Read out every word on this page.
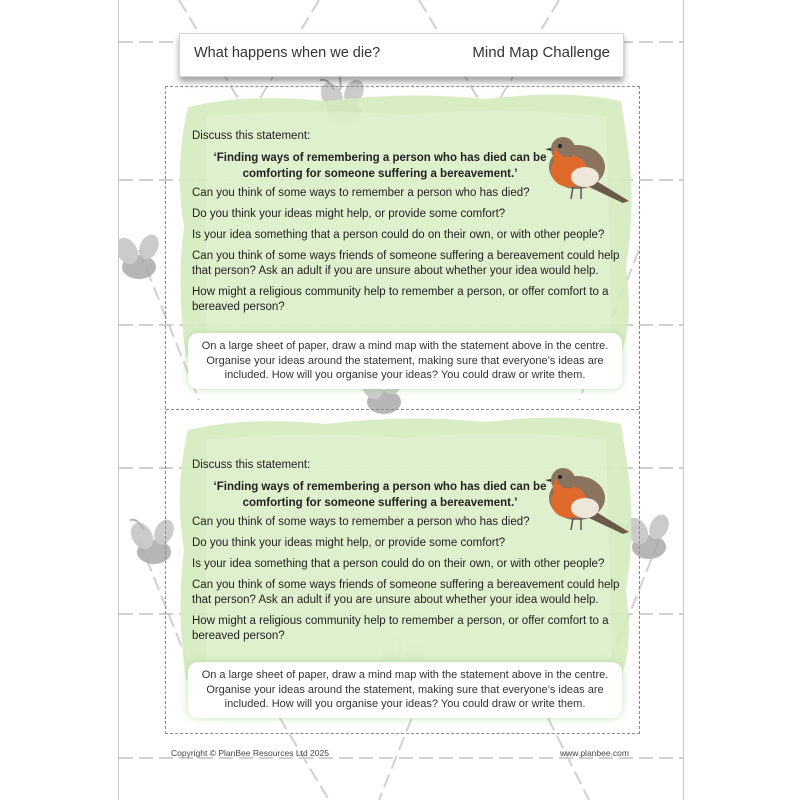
What happens when we die?	Mind Map Challenge

Discuss this statement:

‘Finding ways of remembering a person who has died can be comforting for someone suffering a bereavement.’

Can you think of some ways to remember a person who has died?

Do you think your ideas might help, or provide some comfort?

Is your idea something that a person could do on their own, or with other people?

Can you think of some ways friends of someone suffering a bereavement could help that person? Ask an adult if you are unsure about whether your idea would help.

How might a religious community help to remember a person, or offer comfort to a bereaved person?

On a large sheet of paper, draw a mind map with the statement above in the centre. Organise your ideas around the statement, making sure that everyone’s ideas are included. How will you organise your ideas? You could draw or write them.

Discuss this statement:

‘Finding ways of remembering a person who has died can be comforting for someone suffering a bereavement.’

Can you think of some ways to remember a person who has died?

Do you think your ideas might help, or provide some comfort?

Is your idea something that a person could do on their own, or with other people?

Can you think of some ways friends of someone suffering a bereavement could help that person? Ask an adult if you are unsure about whether your idea would help.

How might a religious community help to remember a person, or offer comfort to a bereaved person?

On a large sheet of paper, draw a mind map with the statement above in the centre. Organise your ideas around the statement, making sure that everyone’s ideas are included. How will you organise your ideas? You could draw or write them.
Copyright © PlanBee Resources Ltd 2025	www.planbee.com
